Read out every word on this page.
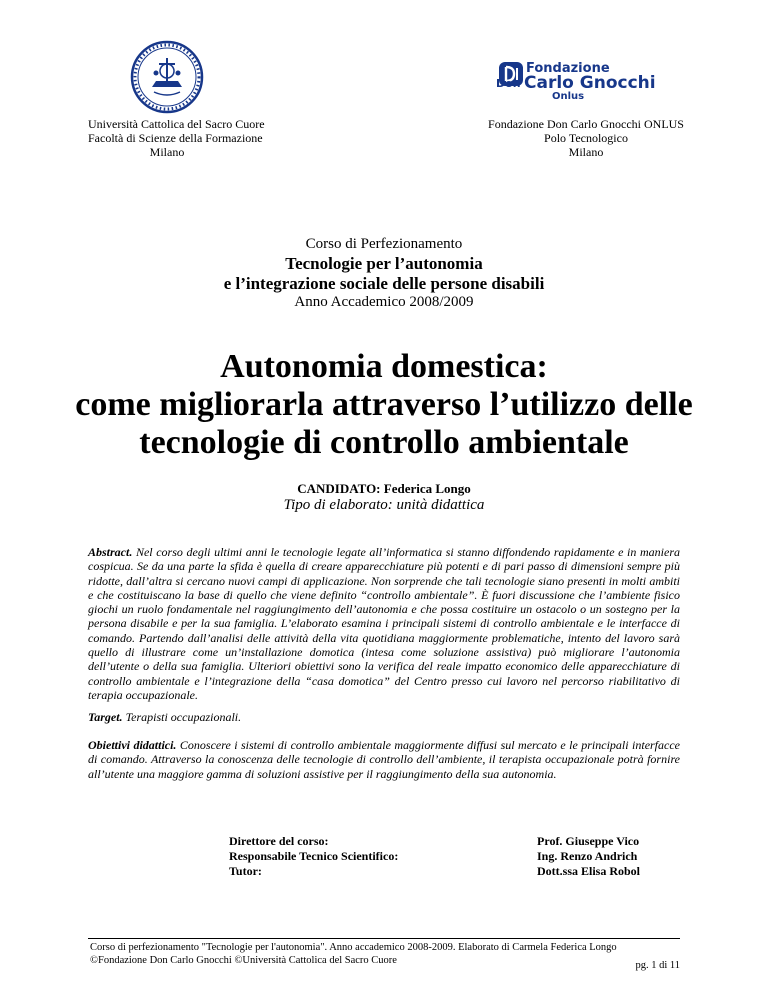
Fondazione
Don Carlo Gnocchi
Onlus
Università Cattolica del Sacro Cuore
Facoltà di Scienze della Formazione
Milano
Fondazione Don Carlo Gnocchi ONLUS
Polo Tecnologico
Milano
Corso di Perfezionamento
Tecnologie per l’autonomia
e l’integrazione sociale delle persone disabili
Anno Accademico 2008/2009
Autonomia domestica:
come migliorarla attraverso l’utilizzo delle
tecnologie di controllo ambientale
CANDIDATO: Federica Longo
Tipo di elaborato: unità didattica

Abstract. Nel corso degli ultimi anni le tecnologie legate all’informatica si stanno diffondendo rapidamente e in maniera cospicua. Se da una parte la sfida è quella di creare apparecchiature più potenti e di pari passo di dimensioni sempre più ridotte, dall’altra si cercano nuovi campi di applicazione. Non sorprende che tali tecnologie siano presenti in molti ambiti e che costituiscano la base di quello che viene definito “controllo ambientale”. È fuori discussione che l’ambiente fisico giochi un ruolo fondamentale nel raggiungimento dell’autonomia e che possa costituire un ostacolo o un sostegno per la persona disabile e per la sua famiglia. L’elaborato esamina i principali sistemi di controllo ambientale e le interfacce di comando. Partendo dall’analisi delle attività della vita quotidiana maggiormente problematiche, intento del lavoro sarà quello di illustrare come un’installazione domotica (intesa come soluzione assistiva) può migliorare l’autonomia dell’utente o della sua famiglia. Ulteriori obiettivi sono la verifica del reale impatto economico delle apparecchiature di controllo ambientale e l’integrazione della “casa domotica” del Centro presso cui lavoro nel percorso riabilitativo di terapia occupazionale.

Target. Terapisti occupazionali.

Obiettivi didattici. Conoscere i sistemi di controllo ambientale maggiormente diffusi sul mercato e le principali interfacce di comando. Attraverso la conoscenza delle tecnologie di controllo dell’ambiente, il terapista occupazionale potrà fornire all’utente una maggiore gamma di soluzioni assistive per il raggiungimento della sua autonomia.

Direttore del corso:
Responsabile Tecnico Scientifico:
Tutor:
Prof. Giuseppe Vico
Ing. Renzo Andrich
Dott.ssa Elisa Robol
Corso di perfezionamento "Tecnologie per l'autonomia". Anno accademico 2008-2009. Elaborato di Carmela Federica Longo
©Fondazione Don Carlo Gnocchi ©Università Cattolica del Sacro Cuore	pg. 1 di 11
